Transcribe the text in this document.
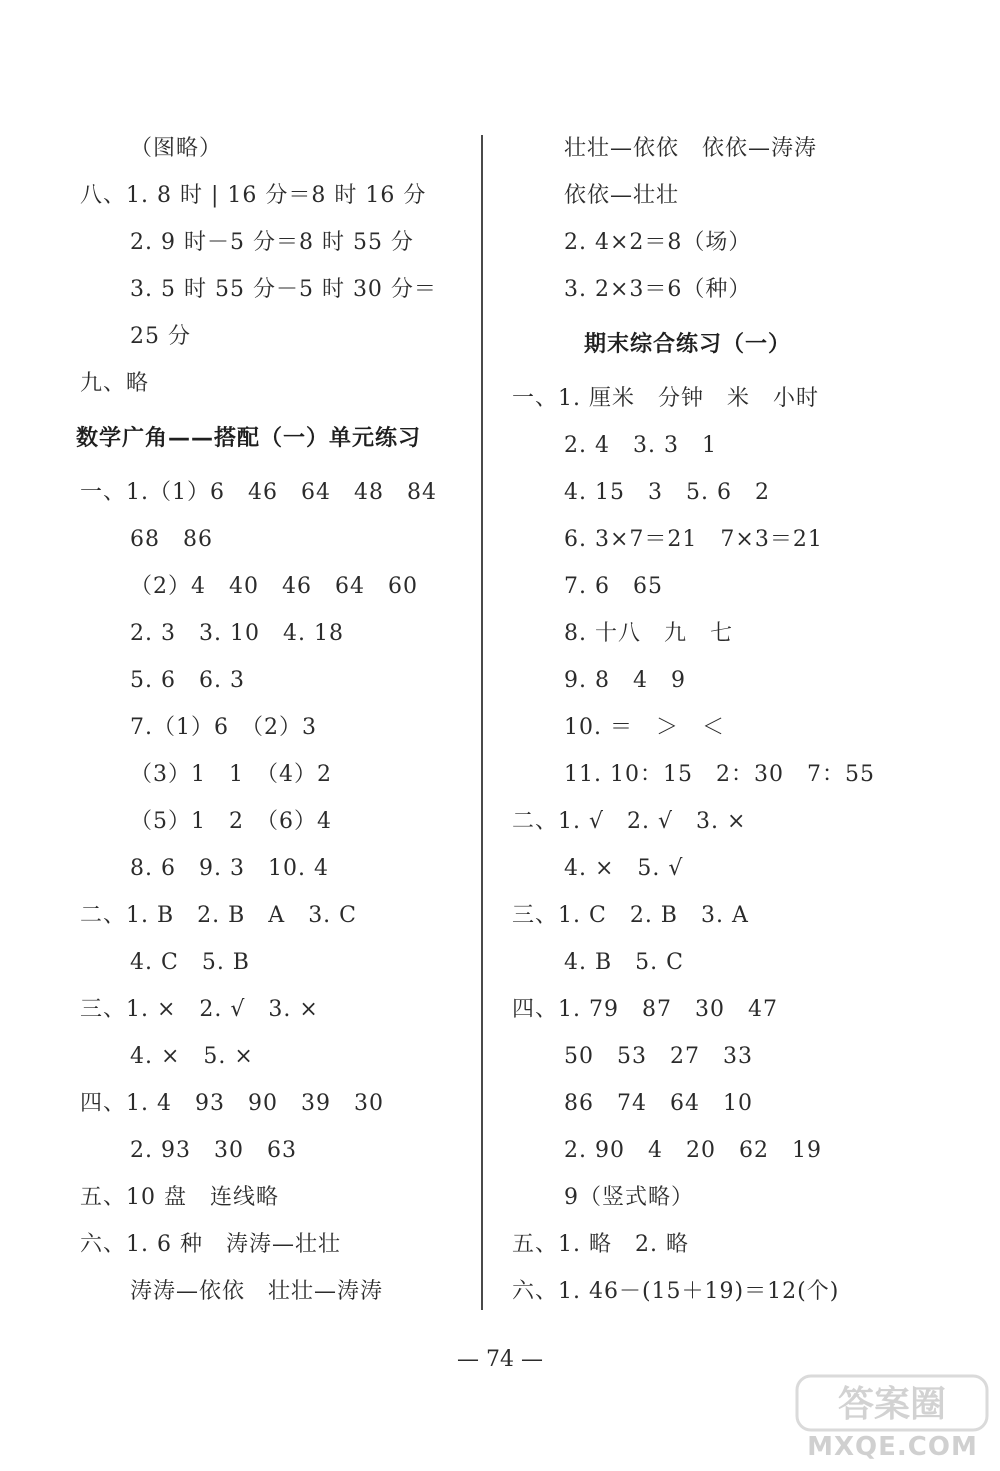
（图略）
八、1. 8 时 | 16 分＝8 时 16 分
2. 9 时－5 分＝8 时 55 分
3. 5 时 55 分－5 时 30 分＝
25 分
九、略
数学广角——搭配（一）单元练习
一、1.（1）6　46　64　48　84
68　86
（2）4　40　46　64　60
2. 3　3. 10　4. 18
5. 6　6. 3
7.（1）6　（2）3
（3）1　1　（4）2
（5）1　2　（6）4
8. 6　9. 3　10. 4
二、1. B　2. B　A　3. C
4. C　5. B
三、1. ×　2. √　3. ×
4. ×　5. ×
四、1. 4　93　90　39　30
2. 93　30　63
五、10 盘　连线略
六、1. 6 种　涛涛—壮壮
涛涛—依依　壮壮—涛涛
壮壮—依依　依依—涛涛
依依—壮壮
2. 4×2＝8（场）
3. 2×3＝6（种）
期末综合练习（一）
一、1. 厘米　分钟　米　小时
2. 4　3. 3　1
4. 15　3　5. 6　2
6. 3×7＝21　7×3＝21
7. 6　65
8. 十八　九　七
9. 8　4　9
10. ＝　＞　＜
11. 10：15　2：30　7：55
二、1. √　2. √　3. ×
4. ×　5. √
三、1. C　2. B　3. A
4. B　5. C
四、1. 79　87　30　47
50　53　27　33
86　74　64　10
2. 90　4　20　62　19
9（竖式略）
五、1. 略　2. 略
六、1. 46－(15＋19)＝12(个)
— 74 —
答案圈
MXQE.COM
